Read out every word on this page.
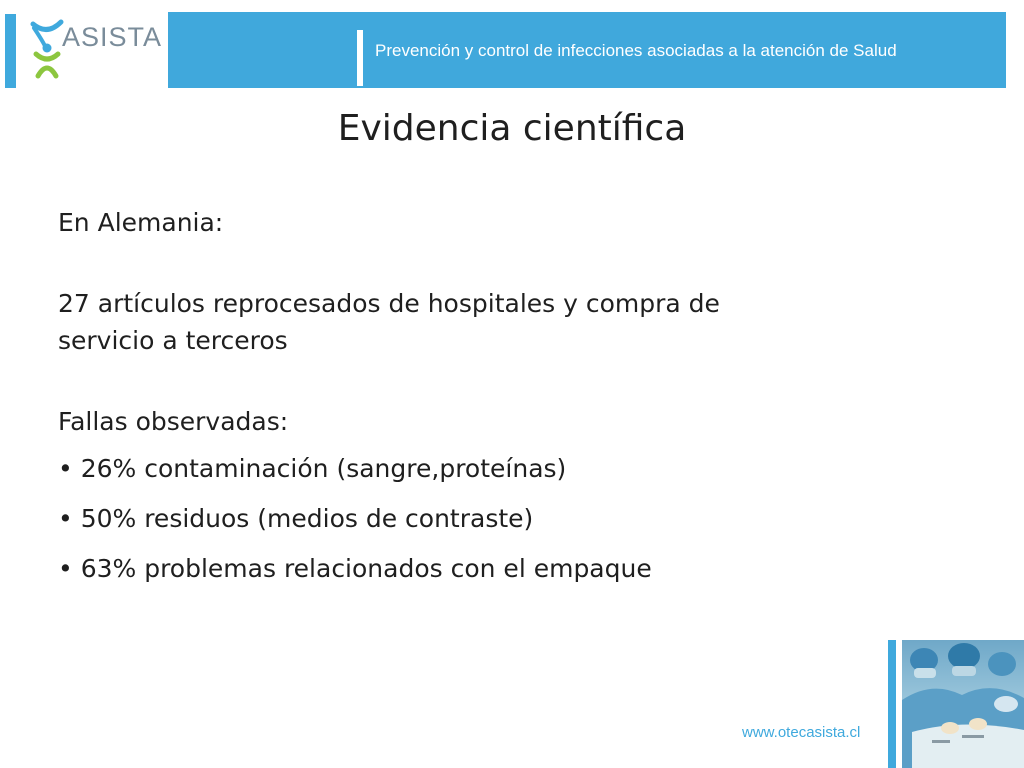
ASISTA	Prevención y control de infecciones asociadas a la atención de Salud
Evidencia científica

En Alemania:

27 artículos reprocesados de hospitales y compra de servicio a terceros

Fallas observadas:

• 26% contaminación (sangre,proteínas)
• 50% residuos (medios de contraste)
• 63% problemas relacionados con el empaque
www.otecasista.cl
